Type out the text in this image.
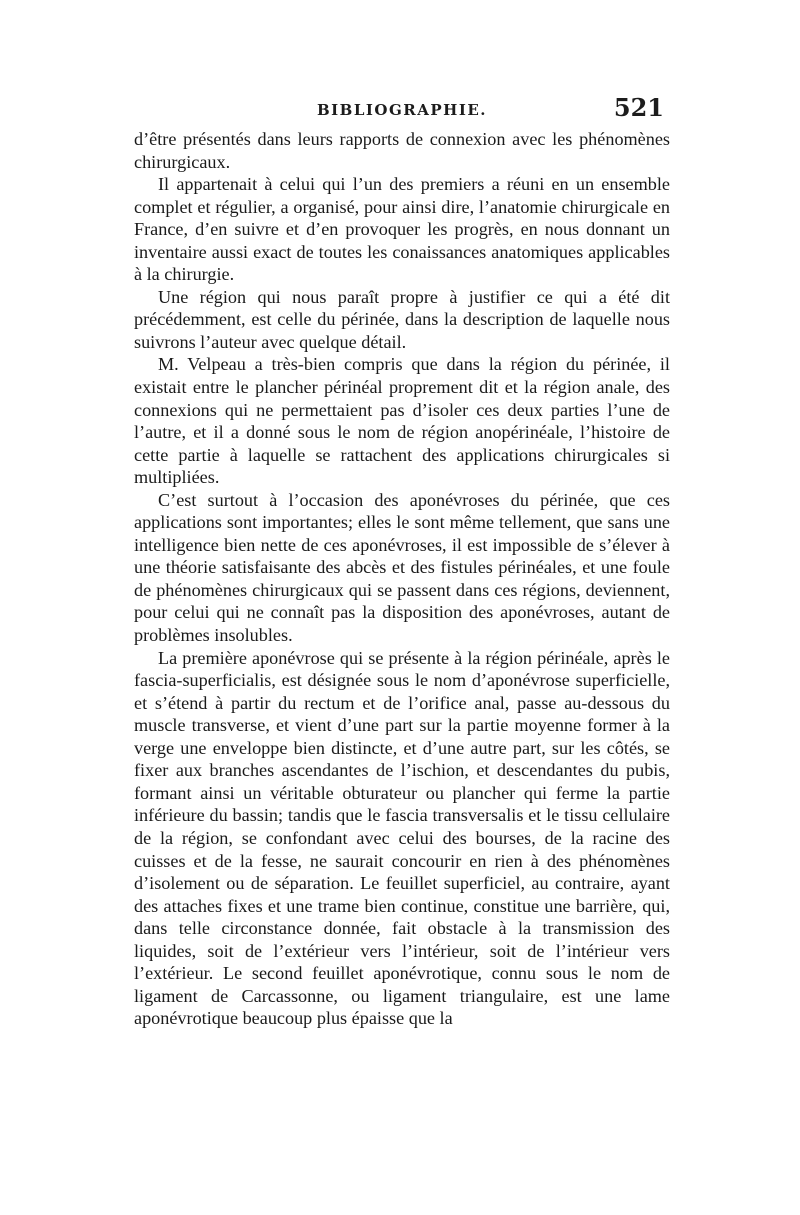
BIBLIOGRAPHIE.	521

d’être présentés dans leurs rapports de connexion avec les phénomènes chirurgicaux.

Il appartenait à celui qui l’un des premiers a réuni en un ensemble complet et régulier, a organisé, pour ainsi dire, l’anatomie chirurgicale en France, d’en suivre et d’en provoquer les progrès, en nous donnant un inventaire aussi exact de toutes les conaissances anatomiques applicables à la chirurgie.

Une région qui nous paraît propre à justifier ce qui a été dit précédemment, est celle du périnée, dans la description de laquelle nous suivrons l’auteur avec quelque détail.

M. Velpeau a très-bien compris que dans la région du périnée, il existait entre le plancher périnéal proprement dit et la région anale, des connexions qui ne permettaient pas d’isoler ces deux parties l’une de l’autre, et il a donné sous le nom de région anopérinéale, l’histoire de cette partie à laquelle se rattachent des applications chirurgicales si multipliées.

C’est surtout à l’occasion des aponévroses du périnée, que ces applications sont importantes; elles le sont même tellement, que sans une intelligence bien nette de ces aponévroses, il est impossible de s’élever à une théorie satisfaisante des abcès et des fistules périnéales, et une foule de phénomènes chirurgicaux qui se passent dans ces régions, deviennent, pour celui qui ne connaît pas la disposition des aponévroses, autant de problèmes insolubles.

La première aponévrose qui se présente à la région périnéale, après le fascia-superficialis, est désignée sous le nom d’aponévrose superficielle, et s’étend à partir du rectum et de l’orifice anal, passe au-dessous du muscle transverse, et vient d’une part sur la partie moyenne former à la verge une enveloppe bien distincte, et d’une autre part, sur les côtés, se fixer aux branches ascendantes de l’ischion, et descendantes du pubis, formant ainsi un véritable obturateur ou plancher qui ferme la partie inférieure du bassin; tandis que le fascia transversalis et le tissu cellulaire de la région, se confondant avec celui des bourses, de la racine des cuisses et de la fesse, ne saurait concourir en rien à des phénomènes d’isolement ou de séparation. Le feuillet superficiel, au contraire, ayant des attaches fixes et une trame bien continue, constitue une barrière, qui, dans telle circonstance donnée, fait obstacle à la transmission des liquides, soit de l’extérieur vers l’intérieur, soit de l’intérieur vers l’extérieur. Le second feuillet aponévrotique, connu sous le nom de ligament de Carcassonne, ou ligament triangulaire, est une lame aponévrotique beaucoup plus épaisse que la
